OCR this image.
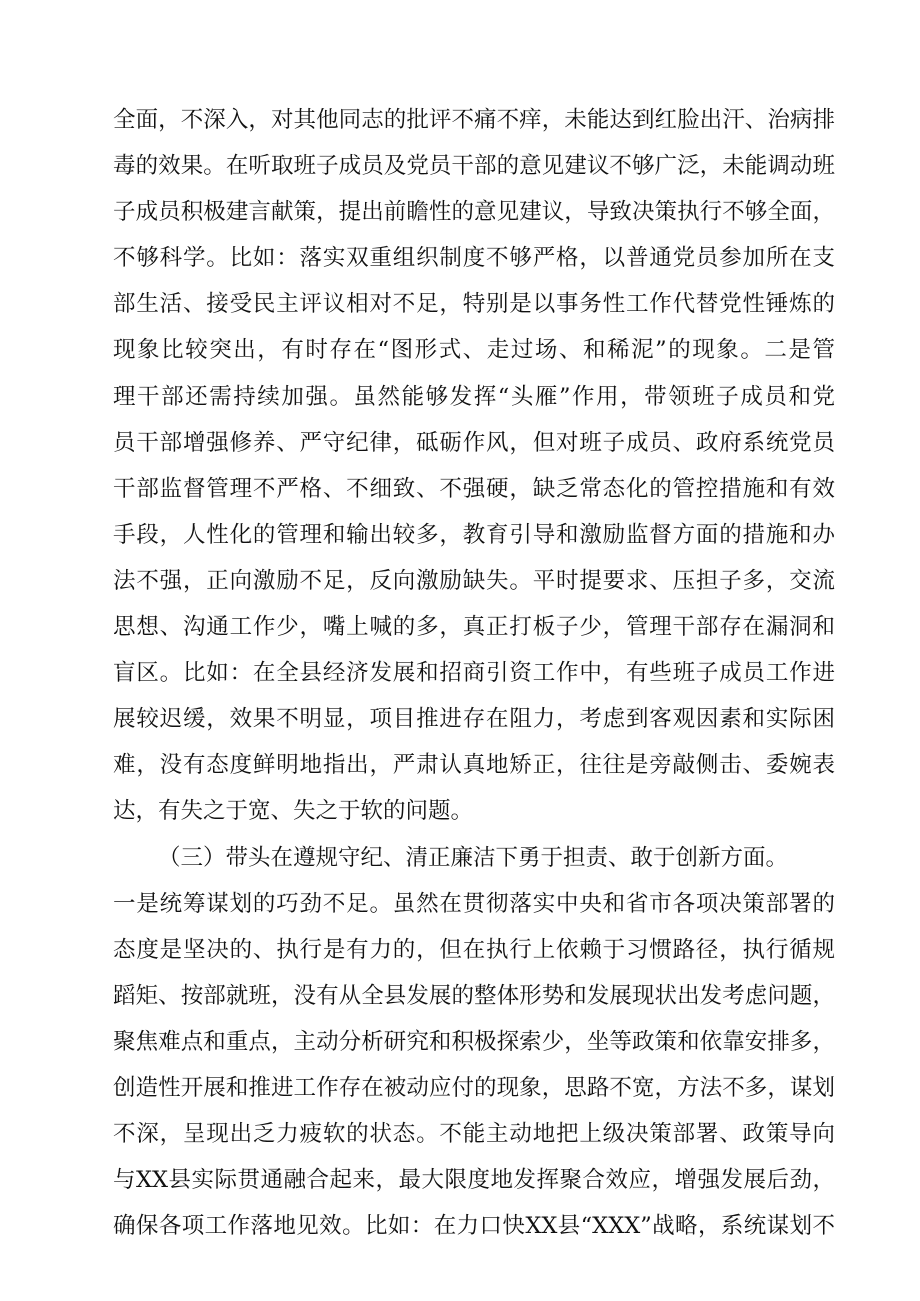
全面，不深入，对其他同志的批评不痛不痒，未能达到红脸出汗、治病排
毒的效果。在听取班子成员及党员干部的意见建议不够广泛，未能调动班
子成员积极建言献策，提出前瞻性的意见建议，导致决策执行不够全面，
不够科学。比如：落实双重组织制度不够严格，以普通党员参加所在支
部生活、接受民主评议相对不足，特别是以事务性工作代替党性锤炼的
现象比较突出，有时存在“图形式、走过场、和稀泥”的现象。二是管
理干部还需持续加强。虽然能够发挥“头雁”作用，带领班子成员和党
员干部增强修养、严守纪律，砥砺作风，但对班子成员、政府系统党员
干部监督管理不严格、不细致、不强硬，缺乏常态化的管控措施和有效
手段，人性化的管理和输出较多，教育引导和激励监督方面的措施和办
法不强，正向激励不足，反向激励缺失。平时提要求、压担子多，交流
思想、沟通工作少，嘴上喊的多，真正打板子少，管理干部存在漏洞和
盲区。比如：在全县经济发展和招商引资工作中，有些班子成员工作进
展较迟缓，效果不明显，项目推进存在阻力，考虑到客观因素和实际困
难，没有态度鲜明地指出，严肃认真地矫正，往往是旁敲侧击、委婉表
达，有失之于宽、失之于软的问题。
（三）带头在遵规守纪、清正廉洁下勇于担责、敢于创新方面。
一是统筹谋划的巧劲不足。虽然在贯彻落实中央和省市各项决策部署的
态度是坚决的、执行是有力的，但在执行上依赖于习惯路径，执行循规
蹈矩、按部就班，没有从全县发展的整体形势和发展现状出发考虑问题，
聚焦难点和重点，主动分析研究和积极探索少，坐等政策和依靠安排多，
创造性开展和推进工作存在被动应付的现象，思路不宽，方法不多，谋划
不深，呈现出乏力疲软的状态。不能主动地把上级决策部署、政策导向
与XX县实际贯通融合起来，最大限度地发挥聚合效应，增强发展后劲，
确保各项工作落地见效。比如：在力口快XX县“XXX”战略，系统谋划不
